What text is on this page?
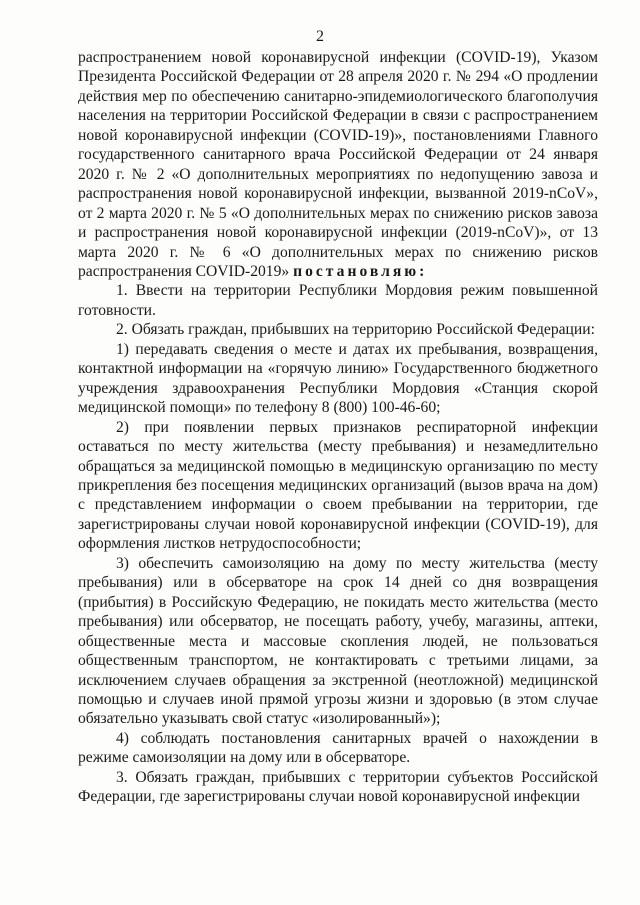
2

распространением новой коронавирусной инфекции (COVID-19), Указом Президента Российской Федерации от 28 апреля 2020 г. № 294 «О продлении действия мер по обеспечению санитарно-эпидемиологического благополучия населения на территории Российской Федерации в связи с распространением новой коронавирусной инфекции (COVID-19)», постановлениями Главного государственного санитарного врача Российской Федерации от 24 января 2020 г. № 2 «О дополнительных мероприятиях по недопущению завоза и распространения новой коронавирусной инфекции, вызванной 2019-nCoV», от 2 марта 2020 г. № 5 «О дополнительных мерах по снижению рисков завоза и распространения новой коронавирусной инфекции (2019-nCoV)», от 13 марта 2020 г. № 6 «О дополнительных мерах по снижению рисков распространения COVID-2019» постановляю:

1. Ввести на территории Республики Мордовия режим повышенной готовности.

2. Обязать граждан, прибывших на территорию Российской Федерации:

1) передавать сведения о месте и датах их пребывания, возвращения, контактной информации на «горячую линию» Государственного бюджетного учреждения здравоохранения Республики Мордовия «Станция скорой медицинской помощи» по телефону 8 (800) 100-46-60;

2) при появлении первых признаков респираторной инфекции оставаться по месту жительства (месту пребывания) и незамедлительно обращаться за медицинской помощью в медицинскую организацию по месту прикрепления без посещения медицинских организаций (вызов врача на дом) с представлением информации о своем пребывании на территории, где зарегистрированы случаи новой коронавирусной инфекции (COVID-19), для оформления листков нетрудоспособности;

3) обеспечить самоизоляцию на дому по месту жительства (месту пребывания) или в обсерваторе на срок 14 дней со дня возвращения (прибытия) в Российскую Федерацию, не покидать место жительства (место пребывания) или обсерватор, не посещать работу, учебу, магазины, аптеки, общественные места и массовые скопления людей, не пользоваться общественным транспортом, не контактировать с третьими лицами, за исключением случаев обращения за экстренной (неотложной) медицинской помощью и случаев иной прямой угрозы жизни и здоровью (в этом случае обязательно указывать свой статус «изолированный»);

4) соблюдать постановления санитарных врачей о нахождении в режиме самоизоляции на дому или в обсерваторе.

3. Обязать граждан, прибывших с территории субъектов Российской Федерации, где зарегистрированы случаи новой коронавирусной инфекции
